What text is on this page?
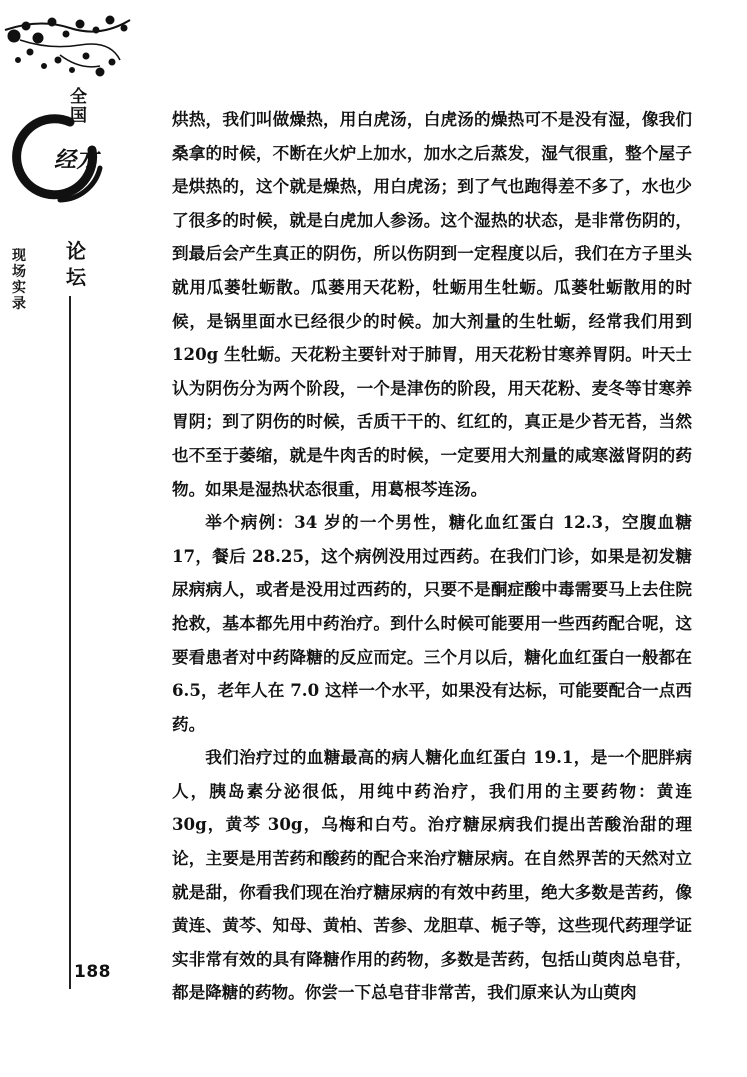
全国
经方
论坛
现场实录
188

烘热，我们叫做燥热，用白虎汤，白虎汤的燥热可不是没有湿，像我们桑拿的时候，不断在火炉上加水，加水之后蒸发，湿气很重，整个屋子是烘热的，这个就是燥热，用白虎汤；到了气也跑得差不多了，水也少了很多的时候，就是白虎加人参汤。这个湿热的状态，是非常伤阴的，到最后会产生真正的阴伤，所以伤阴到一定程度以后，我们在方子里头就用瓜蒌牡蛎散。瓜蒌用天花粉，牡蛎用生牡蛎。瓜蒌牡蛎散用的时候，是锅里面水已经很少的时候。加大剂量的生牡蛎，经常我们用到 120g 生牡蛎。天花粉主要针对于肺胃，用天花粉甘寒养胃阴。叶天士认为阴伤分为两个阶段，一个是津伤的阶段，用天花粉、麦冬等甘寒养胃阴；到了阴伤的时候，舌质干干的、红红的，真正是少苔无苔，当然也不至于萎缩，就是牛肉舌的时候，一定要用大剂量的咸寒滋肾阴的药物。如果是湿热状态很重，用葛根芩连汤。

举个病例：34 岁的一个男性，糖化血红蛋白 12.3，空腹血糖 17，餐后 28.25，这个病例没用过西药。在我们门诊，如果是初发糖尿病病人，或者是没用过西药的，只要不是酮症酸中毒需要马上去住院抢救，基本都先用中药治疗。到什么时候可能要用一些西药配合呢，这要看患者对中药降糖的反应而定。三个月以后，糖化血红蛋白一般都在 6.5，老年人在 7.0 这样一个水平，如果没有达标，可能要配合一点西药。

我们治疗过的血糖最高的病人糖化血红蛋白 19.1，是一个肥胖病人，胰岛素分泌很低，用纯中药治疗，我们用的主要药物：黄连 30g，黄芩 30g，乌梅和白芍。治疗糖尿病我们提出苦酸治甜的理论，主要是用苦药和酸药的配合来治疗糖尿病。在自然界苦的天然对立就是甜，你看我们现在治疗糖尿病的有效中药里，绝大多数是苦药，像黄连、黄芩、知母、黄柏、苦参、龙胆草、栀子等，这些现代药理学证实非常有效的具有降糖作用的药物，多数是苦药，包括山萸肉总皂苷，都是降糖的药物。你尝一下总皂苷非常苦，我们原来认为山萸肉
